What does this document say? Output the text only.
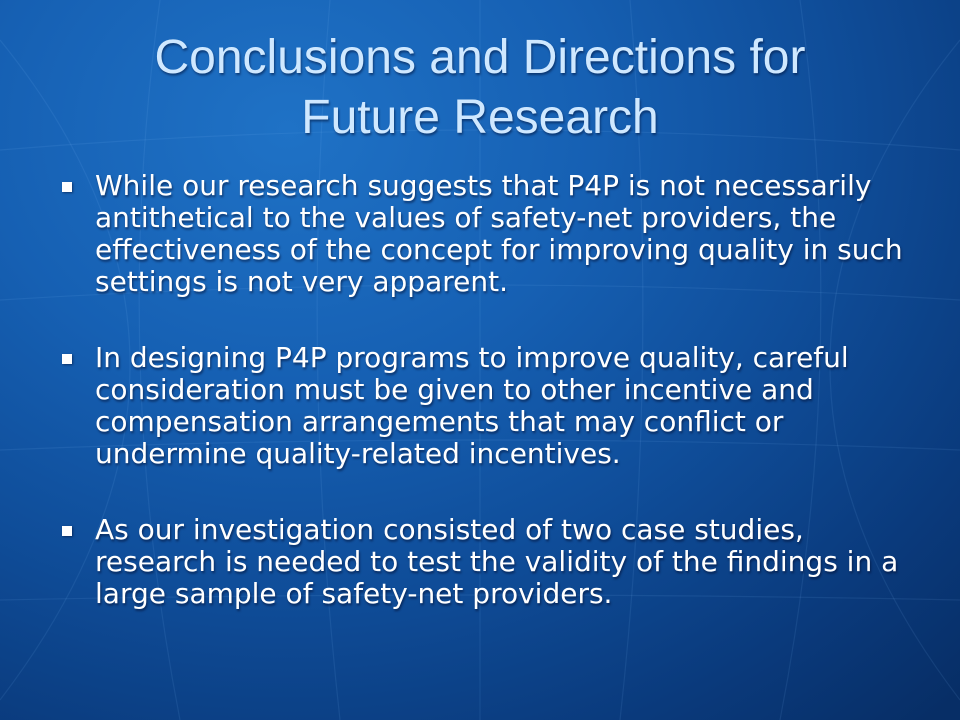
Conclusions and Directions for
Future Research
While our research suggests that P4P is not necessarily antithetical to the values of safety-net providers, the effectiveness of the concept for improving quality in such settings is not very apparent.
In designing P4P programs to improve quality, careful consideration must be given to other incentive and compensation arrangements that may conflict or undermine quality-related incentives.
As our investigation consisted of two case studies, research is needed to test the validity of the findings in a large sample of safety-net providers.
